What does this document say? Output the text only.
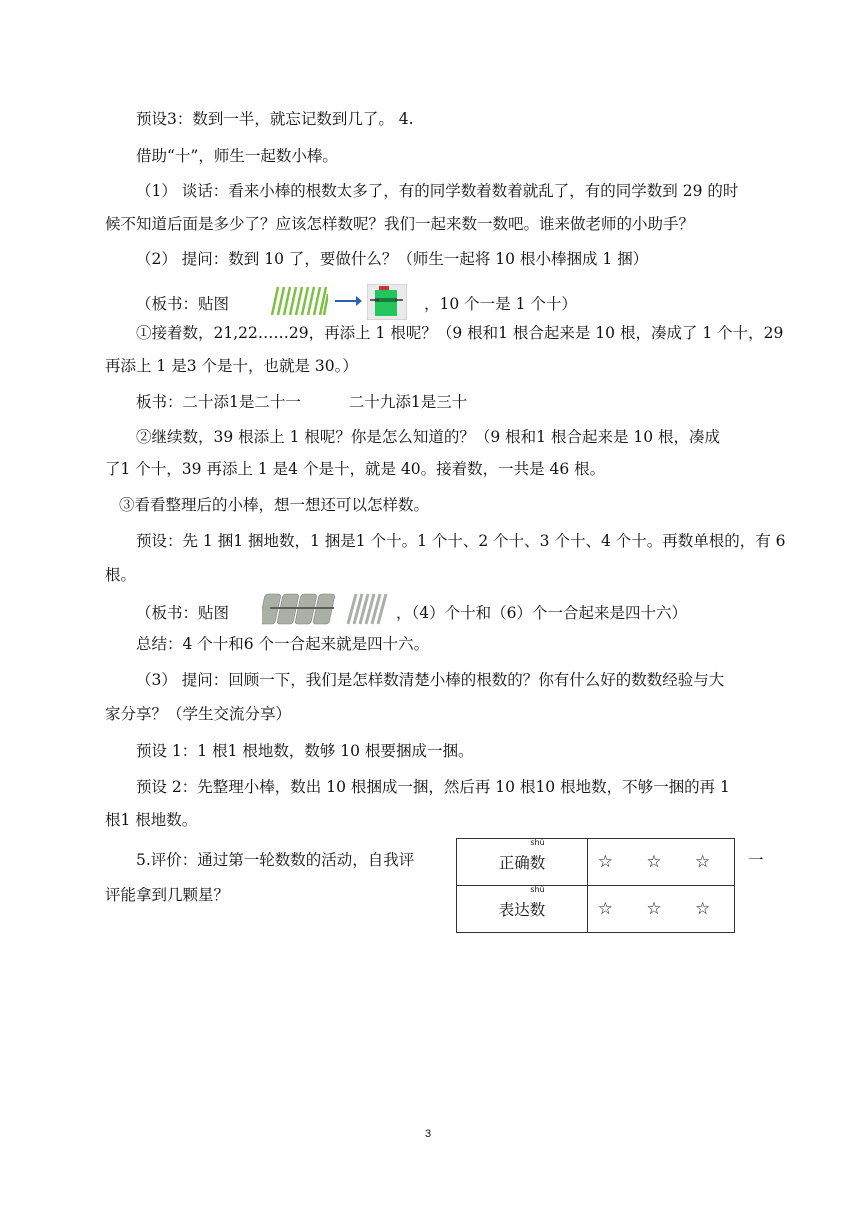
预设3：数到一半，就忘记数到几了。 4.
借助“十”，师生一起数小棒。
（1） 谈话：看来小棒的根数太多了，有的同学数着数着就乱了，有的同学数到 29 的时
候不知道后面是多少了？应该怎样数呢？我们一起来数一数吧。谁来做老师的小助手？
（2） 提问：数到 10 了，要做什么？（师生一起将 10 根小棒捆成 1 捆）
（板书：贴图	，10 个一是 1 个十）
①接着数，21,22……29，再添上 1 根呢？（9 根和1 根合起来是 10 根，凑成了 1 个十，29
再添上 1 是3 个是十，也就是 30。）
板书：二十添1是二十一	二十九添1是三十
②继续数，39 根添上 1 根呢？你是怎么知道的？（9 根和1 根合起来是 10 根，凑成
了1 个十，39 再添上 1 是4 个是十，就是 40。接着数，一共是 46 根。
③看看整理后的小棒，想一想还可以怎样数。
预设：先 1 捆1 捆地数，1 捆是1 个十。1 个十、2 个十、3 个十、4 个十。再数单根的，有 6
根。
（板书：贴图	，（4）个十和（6）个一合起来是四十六）
总结：4 个十和6 个一合起来就是四十六。
（3） 提问：回顾一下，我们是怎样数清楚小棒的根数的？你有什么好的数数经验与大
家分享？（学生交流分享）
预设 1：1 根1 根地数，数够 10 根要捆成一捆。
预设 2：先整理小棒，数出 10 根捆成一捆，然后再 10 根10 根地数，不够一捆的再 1
根1 根地数。
5.评价：通过第一轮数数的活动，自我评	一
评能拿到几颗星？
正确
shù
数	☆ ☆ ☆
表达
shù
数	☆ ☆ ☆
3
